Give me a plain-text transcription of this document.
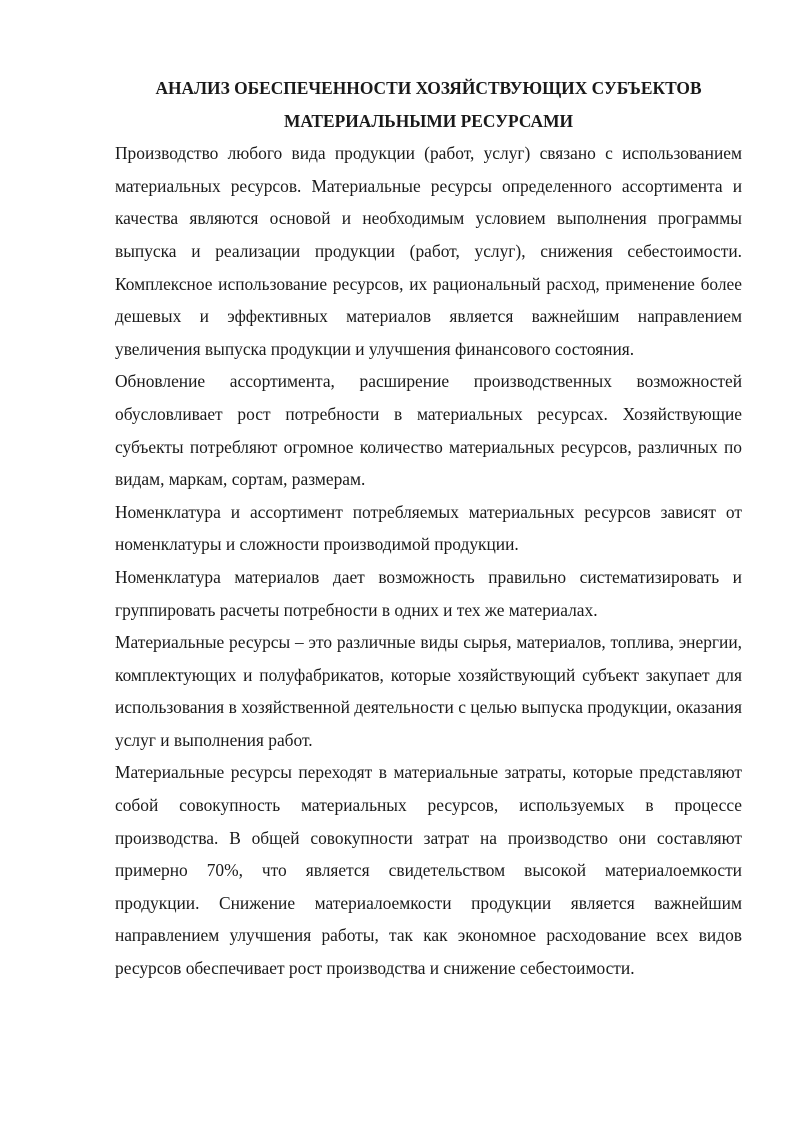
АНАЛИЗ ОБЕСПЕЧЕННОСТИ ХОЗЯЙСТВУЮЩИХ СУБЪЕКТОВ
МАТЕРИАЛЬНЫМИ РЕСУРСАМИ

Производство любого вида продукции (работ, услуг) связано с использованием материальных ресурсов. Материальные ресурсы определенного ассортимента и качества являются основой и необходимым условием выполнения программы выпуска и реализации продукции (работ, услуг), снижения себестоимости. Комплексное использование ресурсов, их рациональный расход, применение более дешевых и эффективных материалов является важнейшим направлением увеличения выпуска продукции и улучшения финансового состояния.

Обновление ассортимента, расширение производственных возможностей обусловливает рост потребности в материальных ресурсах. Хозяйствующие субъекты потребляют огромное количество материальных ресурсов, различных по видам, маркам, сортам, размерам.

Номенклатура и ассортимент потребляемых материальных ресурсов зависят от номенклатуры и сложности производимой продукции.

Номенклатура материалов дает возможность правильно систематизировать и группировать расчеты потребности в одних и тех же материалах.

Материальные ресурсы – это различные виды сырья, материалов, топлива, энергии, комплектующих и полуфабрикатов, которые хозяйствующий субъект закупает для использования в хозяйственной деятельности с целью выпуска продукции, оказания услуг и выполнения работ.

Материальные ресурсы переходят в материальные затраты, которые представляют собой совокупность материальных ресурсов, используемых в процессе производства. В общей совокупности затрат на производство они составляют примерно 70%, что является свидетельством высокой материалоемкости продукции. Снижение материалоемкости продукции является важнейшим направлением улучшения работы, так как экономное расходование всех видов ресурсов обеспечивает рост производства и снижение себестоимости.
